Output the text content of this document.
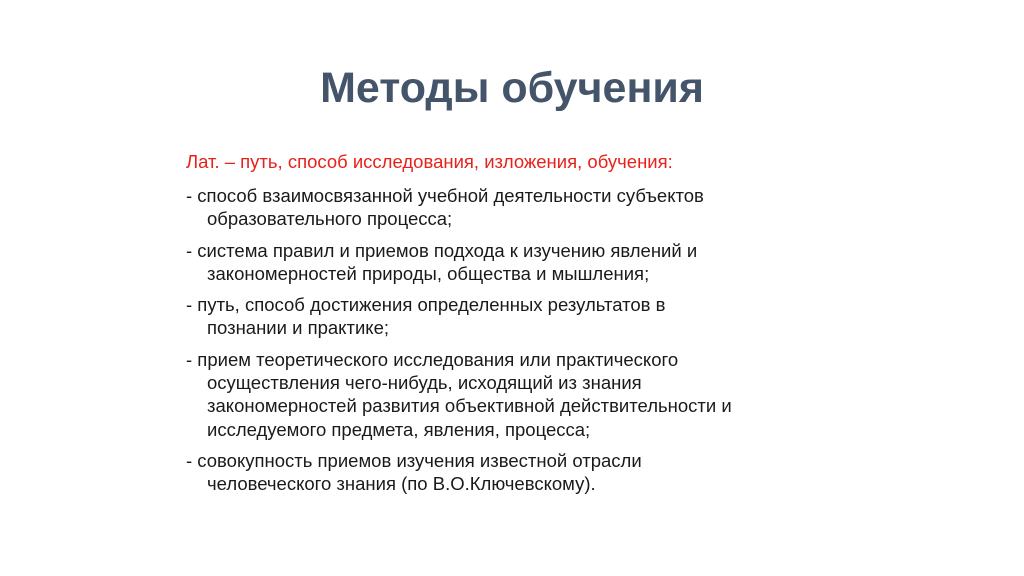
Методы обучения

Лат. – путь, способ исследования, изложения, обучения:

- способ взаимосвязанной учебной деятельности субъектов
образовательного процесса;
- система правил и приемов подхода к изучению явлений и
закономерностей природы, общества и мышления;
- путь, способ достижения определенных результатов в
познании и практике;
- прием теоретического исследования или практического
осуществления чего-нибудь, исходящий из знания
закономерностей развития объективной действительности и
исследуемого предмета, явления, процесса;
- совокупность приемов изучения известной отрасли
человеческого знания (по В.О.Ключевскому).
